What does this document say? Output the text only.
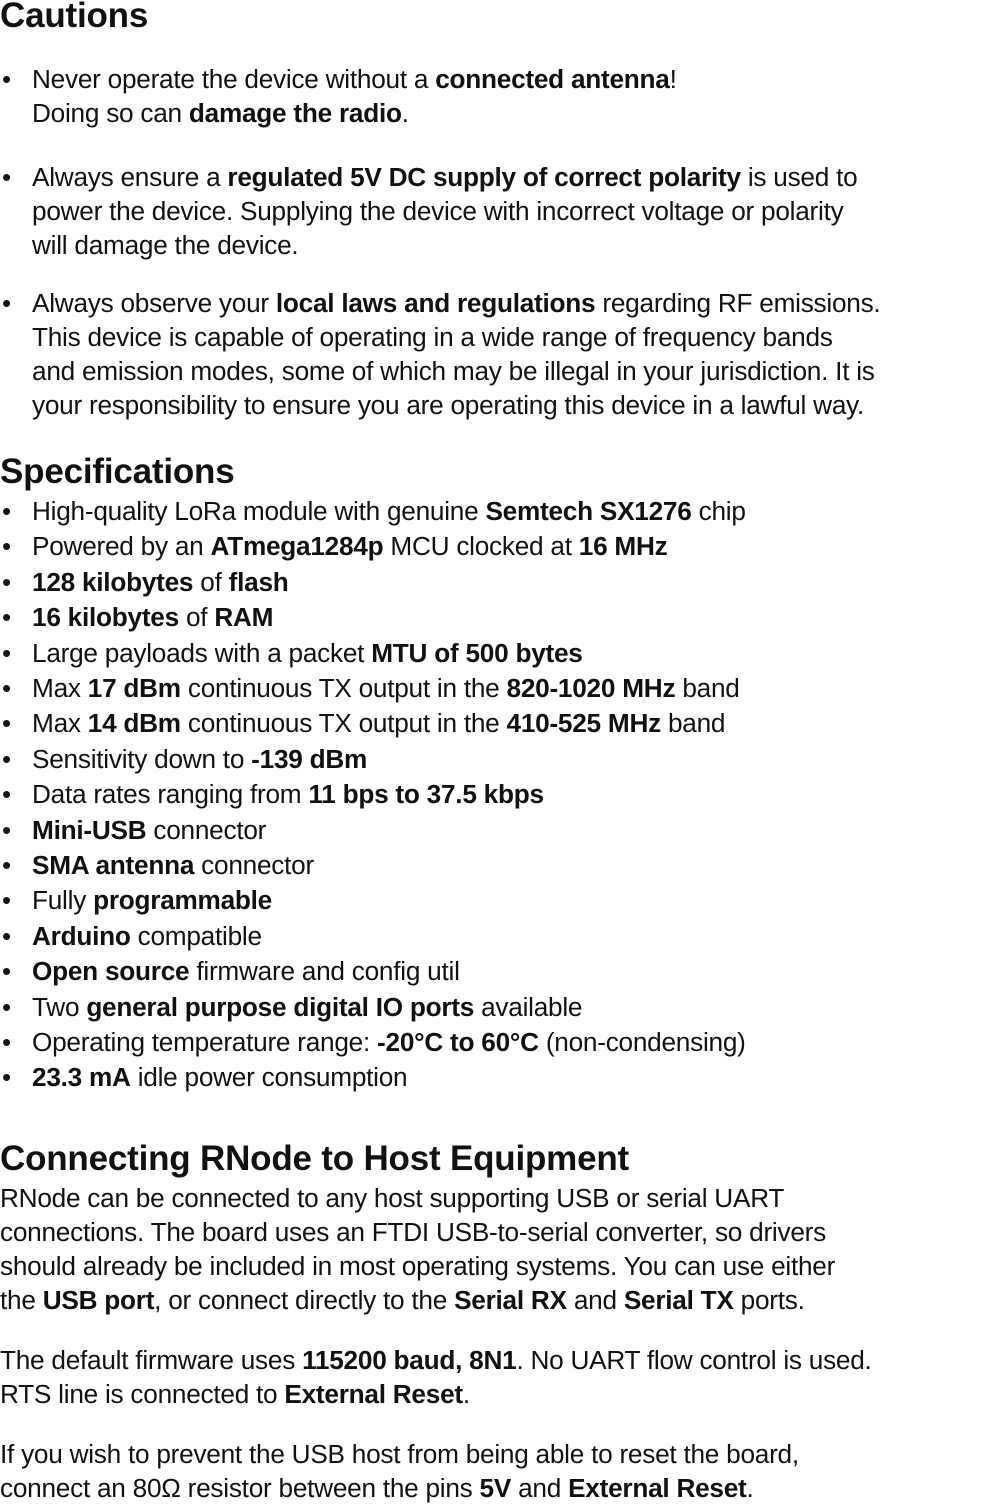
Cautions
• Never operate the device without a connected antenna!
Doing so can damage the radio.
• Always ensure a regulated 5V DC supply of correct polarity is used to
power the device. Supplying the device with incorrect voltage or polarity
will damage the device.
• Always observe your local laws and regulations regarding RF emissions.
This device is capable of operating in a wide range of frequency bands
and emission modes, some of which may be illegal in your jurisdiction. It is
your responsibility to ensure you are operating this device in a lawful way.
Specifications
• High-quality LoRa module with genuine Semtech SX1276 chip
• Powered by an ATmega1284p MCU clocked at 16 MHz
• 128 kilobytes of flash
• 16 kilobytes of RAM
• Large payloads with a packet MTU of 500 bytes
• Max 17 dBm continuous TX output in the 820-1020 MHz band
• Max 14 dBm continuous TX output in the 410-525 MHz band
• Sensitivity down to -139 dBm
• Data rates ranging from 11 bps to 37.5 kbps
• Mini-USB connector
• SMA antenna connector
• Fully programmable
• Arduino compatible
• Open source firmware and config util
• Two general purpose digital IO ports available
• Operating temperature range: -20°C to 60°C (non-condensing)
• 23.3 mA idle power consumption
Connecting RNode to Host Equipment
RNode can be connected to any host supporting USB or serial UART
connections. The board uses an FTDI USB-to-serial converter, so drivers
should already be included in most operating systems. You can use either
the USB port, or connect directly to the Serial RX and Serial TX ports.
The default firmware uses 115200 baud, 8N1. No UART flow control is used.
RTS line is connected to External Reset.
If you wish to prevent the USB host from being able to reset the board,
connect an 80Ω resistor between the pins 5V and External Reset.
